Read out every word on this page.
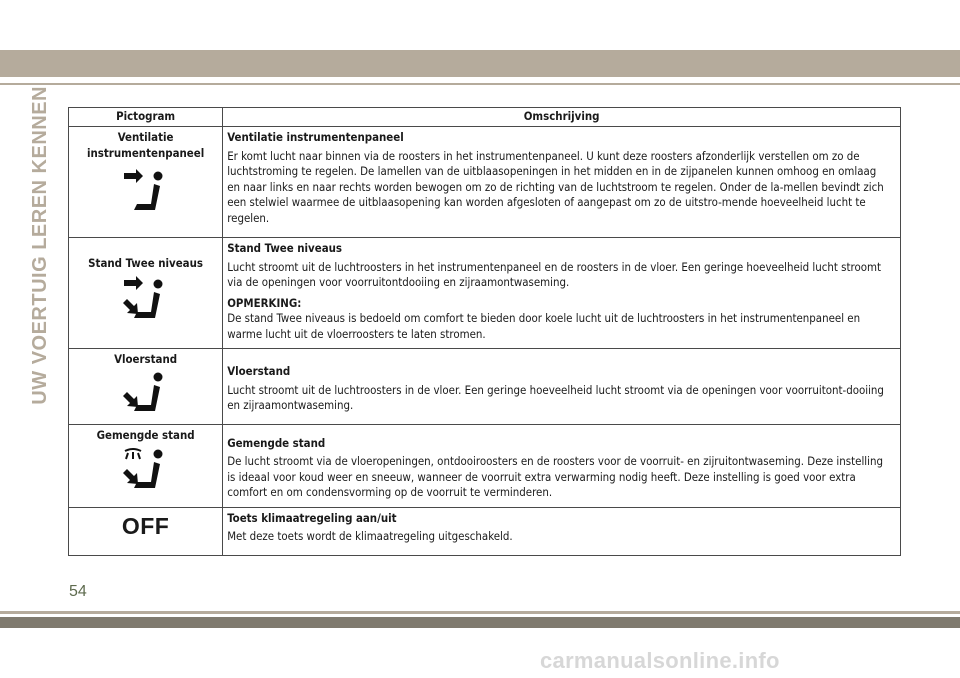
UW VOERTUIG LEREN KENNEN	Pictogram	Omschrijving

Ventilatie instrumentenpaneel	Ventilatie instrumentenpaneel
Er komt lucht naar binnen via de roosters in het instrumentenpaneel. U kunt deze roosters afzonderlijk verstellen om zo de luchtstroming te regelen. De lamellen van de uitblaasopeningen in het midden en in de zijpanelen kunnen omhoog en omlaag en naar links en naar rechts worden bewogen om zo de richting van de luchtstroom te regelen. Onder de la-mellen bevindt zich een stelwiel waarmee de uitblaasopening kan worden afgesloten of aangepast om zo de uitstro-mende hoeveelheid lucht te regelen.

Stand Twee niveaus	Stand Twee niveaus
Lucht stroomt uit de luchtroosters in het instrumentenpaneel en de roosters in de vloer. Een geringe hoeveelheid lucht stroomt via de openingen voor voorruitontdooiing en zijraamontwaseming.
OPMERKING:
De stand Twee niveaus is bedoeld om comfort te bieden door koele lucht uit de luchtroosters in het instrumentenpaneel en warme lucht uit de vloerroosters te laten stromen.

Vloerstand	Vloerstand
Lucht stroomt uit de luchtroosters in de vloer. Een geringe hoeveelheid lucht stroomt via de openingen voor voorruitont-dooiing en zijraamontwaseming.

Gemengde stand	Gemengde stand
De lucht stroomt via de vloeropeningen, ontdooiroosters en de roosters voor de voorruit- en zijruitontwaseming. Deze instelling is ideaal voor koud weer en sneeuw, wanneer de voorruit extra verwarming nodig heeft. Deze instelling is goed voor extra comfort en om condensvorming op de voorruit te verminderen.

OFF	Toets klimaatregeling aan/uit
Met deze toets wordt de klimaatregeling uitgeschakeld.
54
carmanualsonline.info
